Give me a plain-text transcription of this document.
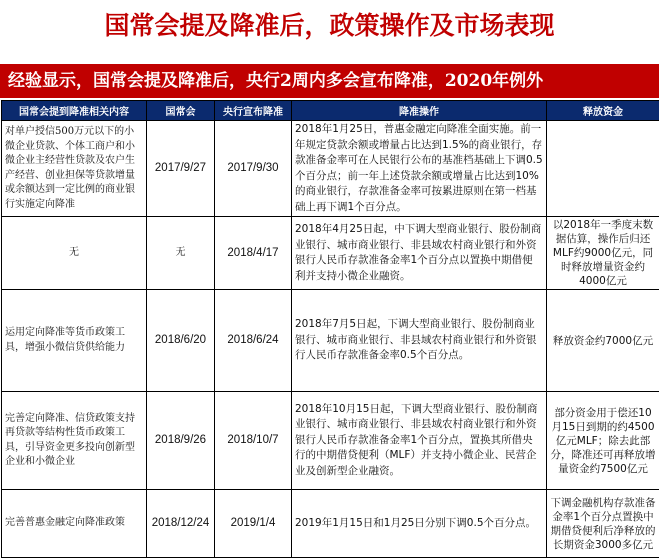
国常会提及降准后，政策操作及市场表现
经验显示，国常会提及降准后，央行2周内多会宣布降准，2020年例外
国常会提到降准相关内容	国常会	央行宣布降准	降准操作	释放资金
对单户授信500万元以下的小微企业贷款、个体工商户和小微企业主经营性贷款及农户生产经营、创业担保等贷款增量或余额达到一定比例的商业银行实施定向降准	2017/9/27	2017/9/30	2018年1月25日，普惠金融定向降准全面实施。前一年规定贷款余额或增量占比达到1.5%的商业银行，存款准备金率可在人民银行公布的基准档基础上下调0.5个百分点；前一年上述贷款余额或增量占比达到10%的商业银行，存款准备金率可按累进原则在第一档基础上再下调1个百分点。	
无	无	2018/4/17	2018年4月25日起，中下调大型商业银行、股份制商业银行、城市商业银行、非县域农村商业银行和外资银行人民币存款准备金率1个百分点以置换中期借便利并支持小微企业融资。	以2018年一季度末数据估算，操作后归还MLF约9000亿元，同时释放增量资金约4000亿元
运用定向降准等货币政策工具，增强小微信贷供给能力	2018/6/20	2018/6/24	2018年7月5日起，下调大型商业银行、股份制商业银行、城市商业银行、非县域农村商业银行和外资银行人民币存款准备金率0.5个百分点。	释放资金约7000亿元
完善定向降准、信贷政策支持再贷款等结构性货币政策工具，引导资金更多投向创新型企业和小微企业	2018/9/26	2018/10/7	2018年10月15日起，下调大型商业银行、股份制商业银行、城市商业银行、非县域农村商业银行和外资银行人民币存款准备金率1个百分点，置换其所借央行的中期借贷便利（MLF）并支持小微企业、民营企业及创新型企业融资。	部分资金用于偿还10月15日到期的约4500亿元MLF；除去此部分，降准还可再释放增量资金约7500亿元
完善普惠金融定向降准政策	2018/12/24	2019/1/4	2019年1月15日和1月25日分别下调0.5个百分点。	下调金融机构存款准备金率1个百分点置换中期借贷便利后净释放的长期资金3000多亿元
